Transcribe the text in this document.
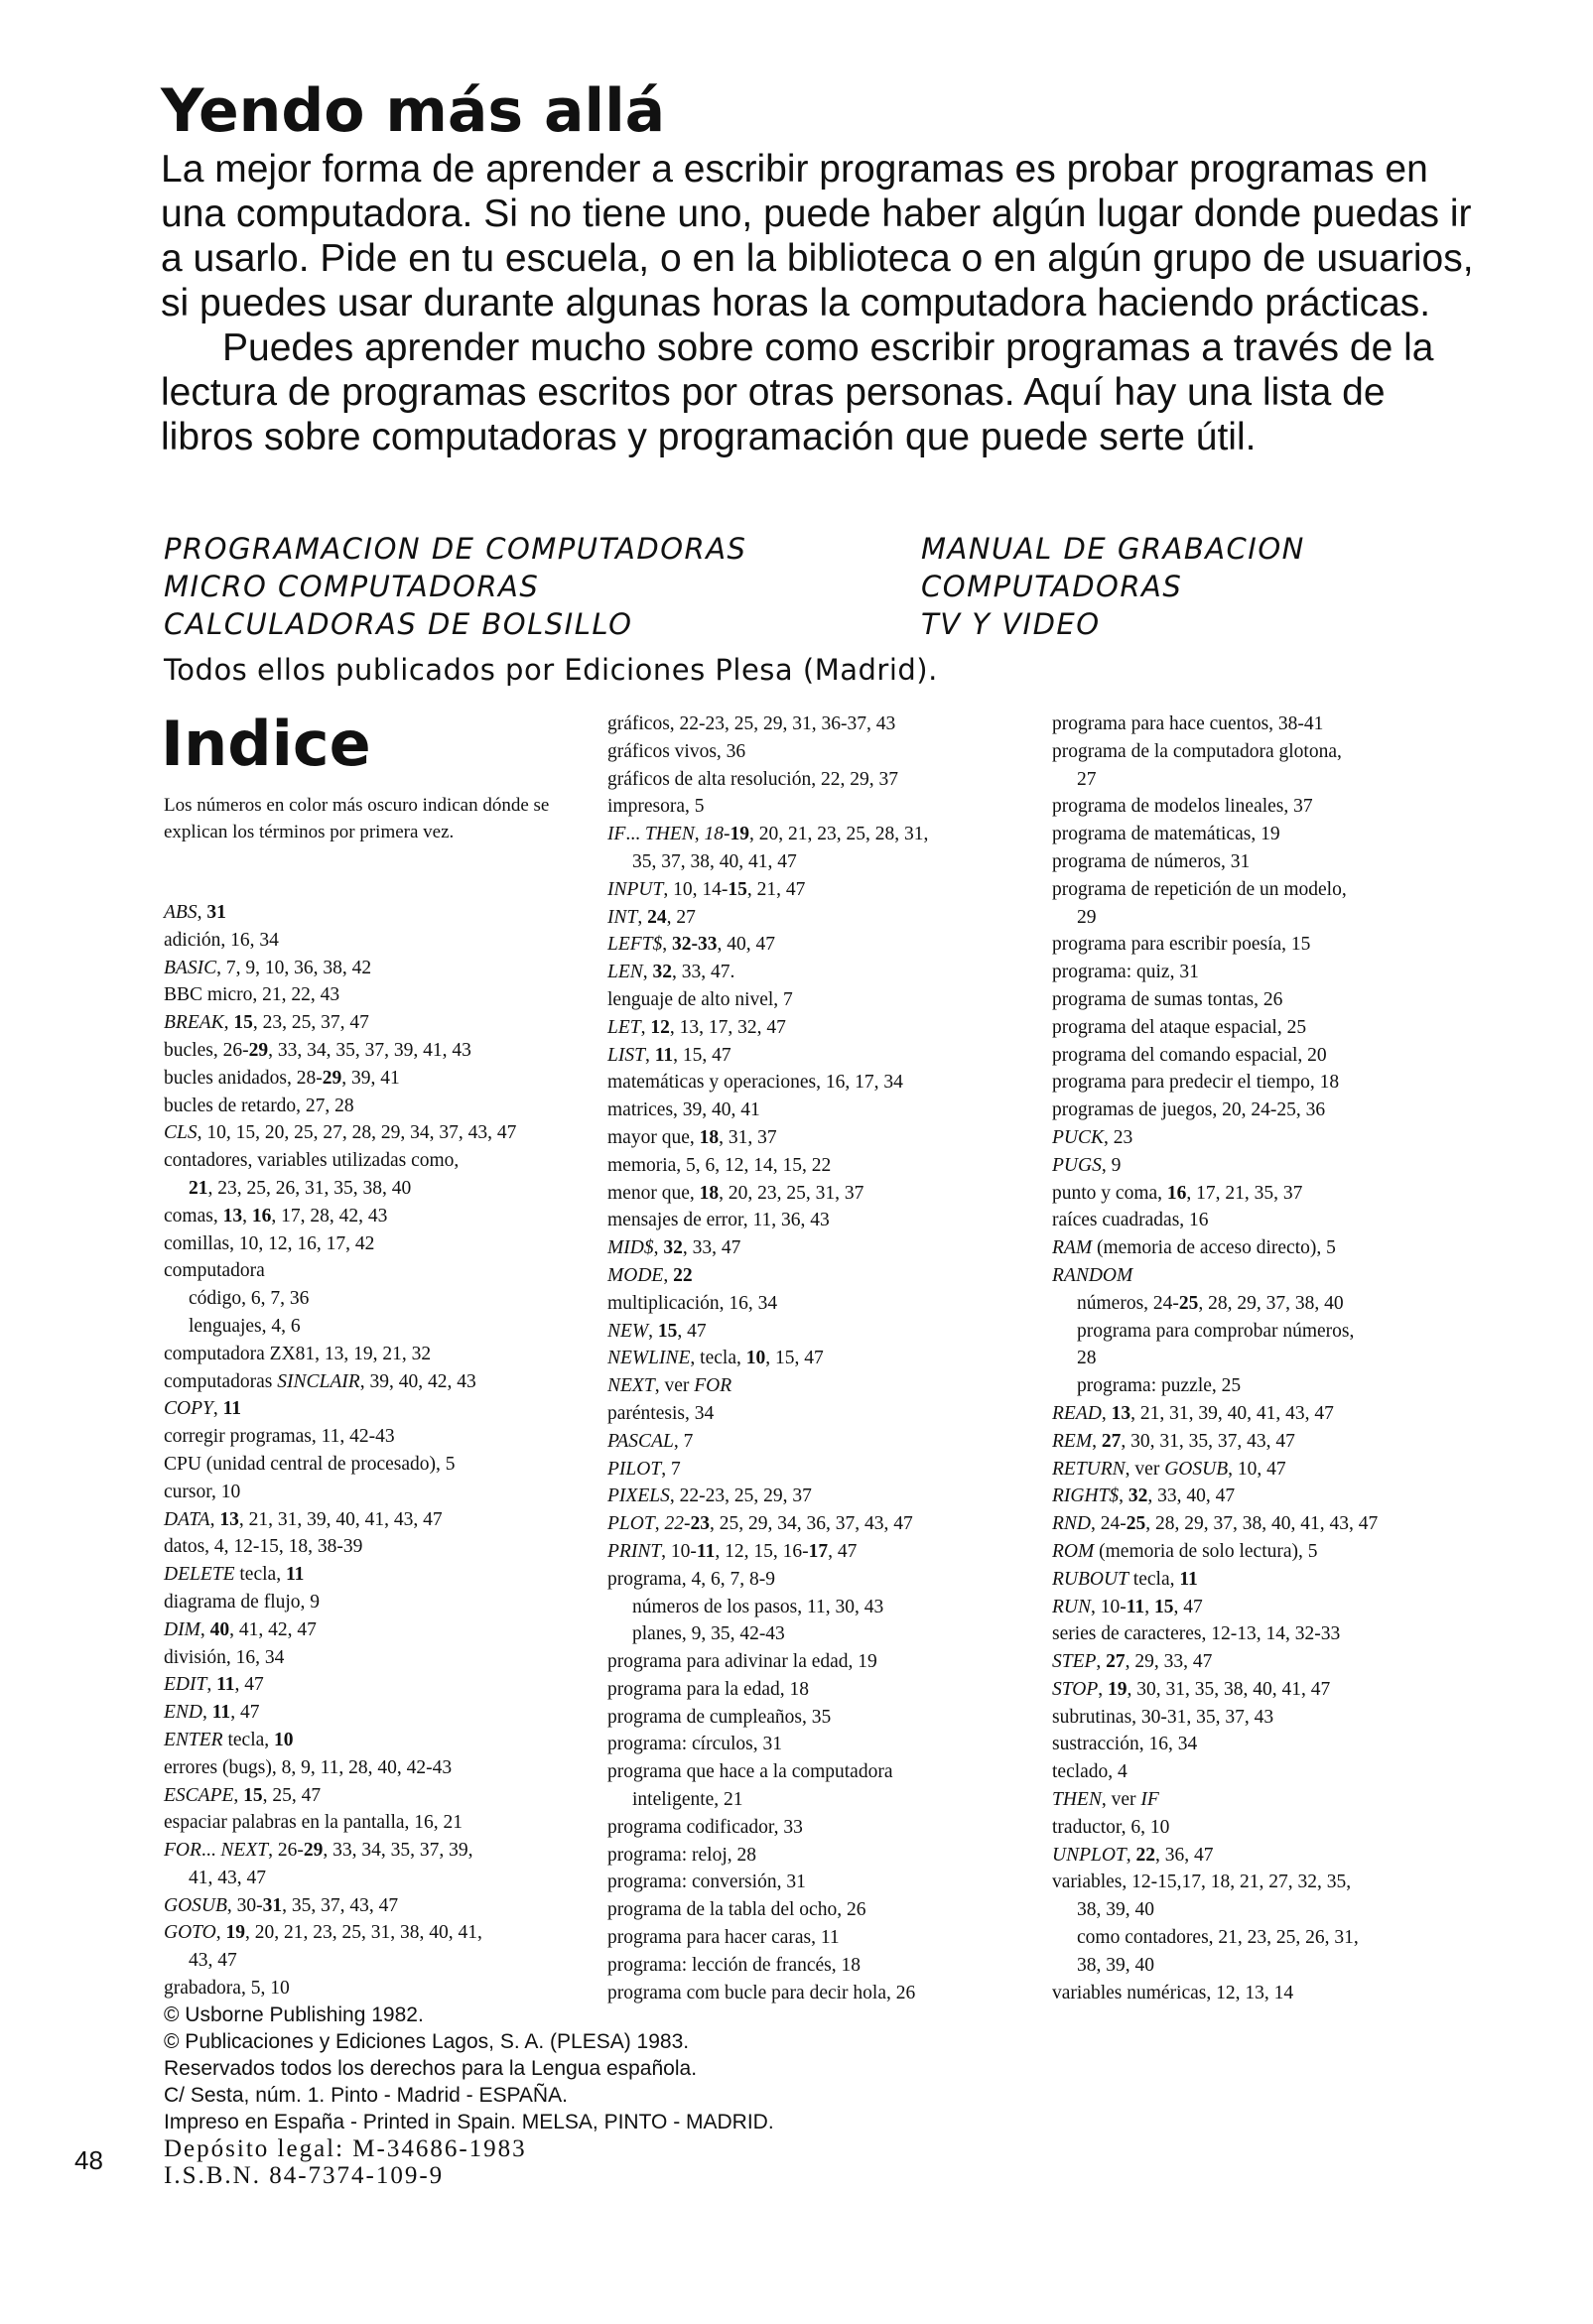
Yendo más allá

La mejor forma de aprender a escribir programas es probar programas en una computadora. Si no tiene uno, puede haber algún lugar donde puedas ir a usarlo. Pide en tu escuela, o en la biblioteca o en algún grupo de usuarios, si puedes usar durante algunas horas la computadora haciendo prácticas.

Puedes aprender mucho sobre como escribir programas a través de la lectura de programas escritos por otras personas. Aquí hay una lista de libros sobre computadoras y programación que puede serte útil.

PROGRAMACION DE COMPUTADORAS
MICRO COMPUTADORAS
CALCULADORAS DE BOLSILLO
MANUAL DE GRABACION
COMPUTADORAS
TV Y VIDEO
Todos ellos publicados por Ediciones Plesa (Madrid).
Indice
Los números en color más oscuro indican dónde se explican los términos por primera vez.
ABS, 31
adición, 16, 34
BASIC, 7, 9, 10, 36, 38, 42
BBC micro, 21, 22, 43
BREAK, 15, 23, 25, 37, 47
bucles, 26-29, 33, 34, 35, 37, 39, 41, 43
bucles anidados, 28-29, 39, 41
bucles de retardo, 27, 28
CLS, 10, 15, 20, 25, 27, 28, 29, 34, 37, 43, 47
contadores, variables utilizadas como,
21, 23, 25, 26, 31, 35, 38, 40
comas, 13, 16, 17, 28, 42, 43
comillas, 10, 12, 16, 17, 42
computadora
código, 6, 7, 36
lenguajes, 4, 6
computadora ZX81, 13, 19, 21, 32
computadoras SINCLAIR, 39, 40, 42, 43
COPY, 11
corregir programas, 11, 42-43
CPU (unidad central de procesado), 5
cursor, 10
DATA, 13, 21, 31, 39, 40, 41, 43, 47
datos, 4, 12-15, 18, 38-39
DELETE tecla, 11
diagrama de flujo, 9
DIM, 40, 41, 42, 47
división, 16, 34
EDIT, 11, 47
END, 11, 47
ENTER tecla, 10
errores (bugs), 8, 9, 11, 28, 40, 42-43
ESCAPE, 15, 25, 47
espaciar palabras en la pantalla, 16, 21
FOR... NEXT, 26-29, 33, 34, 35, 37, 39,
41, 43, 47
GOSUB, 30-31, 35, 37, 43, 47
GOTO, 19, 20, 21, 23, 25, 31, 38, 40, 41,
43, 47
grabadora, 5, 10
gráficos, 22-23, 25, 29, 31, 36-37, 43
gráficos vivos, 36
gráficos de alta resolución, 22, 29, 37
impresora, 5
IF... THEN, 18-19, 20, 21, 23, 25, 28, 31,
35, 37, 38, 40, 41, 47
INPUT, 10, 14-15, 21, 47
INT, 24, 27
LEFT$, 32-33, 40, 47
LEN, 32, 33, 47.
lenguaje de alto nivel, 7
LET, 12, 13, 17, 32, 47
LIST, 11, 15, 47
matemáticas y operaciones, 16, 17, 34
matrices, 39, 40, 41
mayor que, 18, 31, 37
memoria, 5, 6, 12, 14, 15, 22
menor que, 18, 20, 23, 25, 31, 37
mensajes de error, 11, 36, 43
MID$, 32, 33, 47
MODE, 22
multiplicación, 16, 34
NEW, 15, 47
NEWLINE, tecla, 10, 15, 47
NEXT, ver FOR
paréntesis, 34
PASCAL, 7
PILOT, 7
PIXELS, 22-23, 25, 29, 37
PLOT, 22-23, 25, 29, 34, 36, 37, 43, 47
PRINT, 10-11, 12, 15, 16-17, 47
programa, 4, 6, 7, 8-9
números de los pasos, 11, 30, 43
planes, 9, 35, 42-43
programa para adivinar la edad, 19
programa para la edad, 18
programa de cumpleaños, 35
programa: círculos, 31
programa que hace a la computadora
inteligente, 21
programa codificador, 33
programa: reloj, 28
programa: conversión, 31
programa de la tabla del ocho, 26
programa para hacer caras, 11
programa: lección de francés, 18
programa com bucle para decir hola, 26
programa para hace cuentos, 38-41
programa de la computadora glotona,
27
programa de modelos lineales, 37
programa de matemáticas, 19
programa de números, 31
programa de repetición de un modelo,
29
programa para escribir poesía, 15
programa: quiz, 31
programa de sumas tontas, 26
programa del ataque espacial, 25
programa del comando espacial, 20
programa para predecir el tiempo, 18
programas de juegos, 20, 24-25, 36
PUCK, 23
PUGS, 9
punto y coma, 16, 17, 21, 35, 37
raíces cuadradas, 16
RAM (memoria de acceso directo), 5
RANDOM
números, 24-25, 28, 29, 37, 38, 40
programa para comprobar números,
28
programa: puzzle, 25
READ, 13, 21, 31, 39, 40, 41, 43, 47
REM, 27, 30, 31, 35, 37, 43, 47
RETURN, ver GOSUB, 10, 47
RIGHT$, 32, 33, 40, 47
RND, 24-25, 28, 29, 37, 38, 40, 41, 43, 47
ROM (memoria de solo lectura), 5
RUBOUT tecla, 11
RUN, 10-11, 15, 47
series de caracteres, 12-13, 14, 32-33
STEP, 27, 29, 33, 47
STOP, 19, 30, 31, 35, 38, 40, 41, 47
subrutinas, 30-31, 35, 37, 43
sustracción, 16, 34
teclado, 4
THEN, ver IF
traductor, 6, 10
UNPLOT, 22, 36, 47
variables, 12-15,17, 18, 21, 27, 32, 35,
38, 39, 40
como contadores, 21, 23, 25, 26, 31,
38, 39, 40
variables numéricas, 12, 13, 14
© Usborne Publishing 1982.
© Publicaciones y Ediciones Lagos, S. A. (PLESA) 1983.
Reservados todos los derechos para la Lengua española.
C/ Sesta, núm. 1. Pinto - Madrid - ESPAÑA.
Impreso en España - Printed in Spain. MELSA, PINTO - MADRID.
Depósito legal: M-34686-1983
I.S.B.N. 84-7374-109-9
48
